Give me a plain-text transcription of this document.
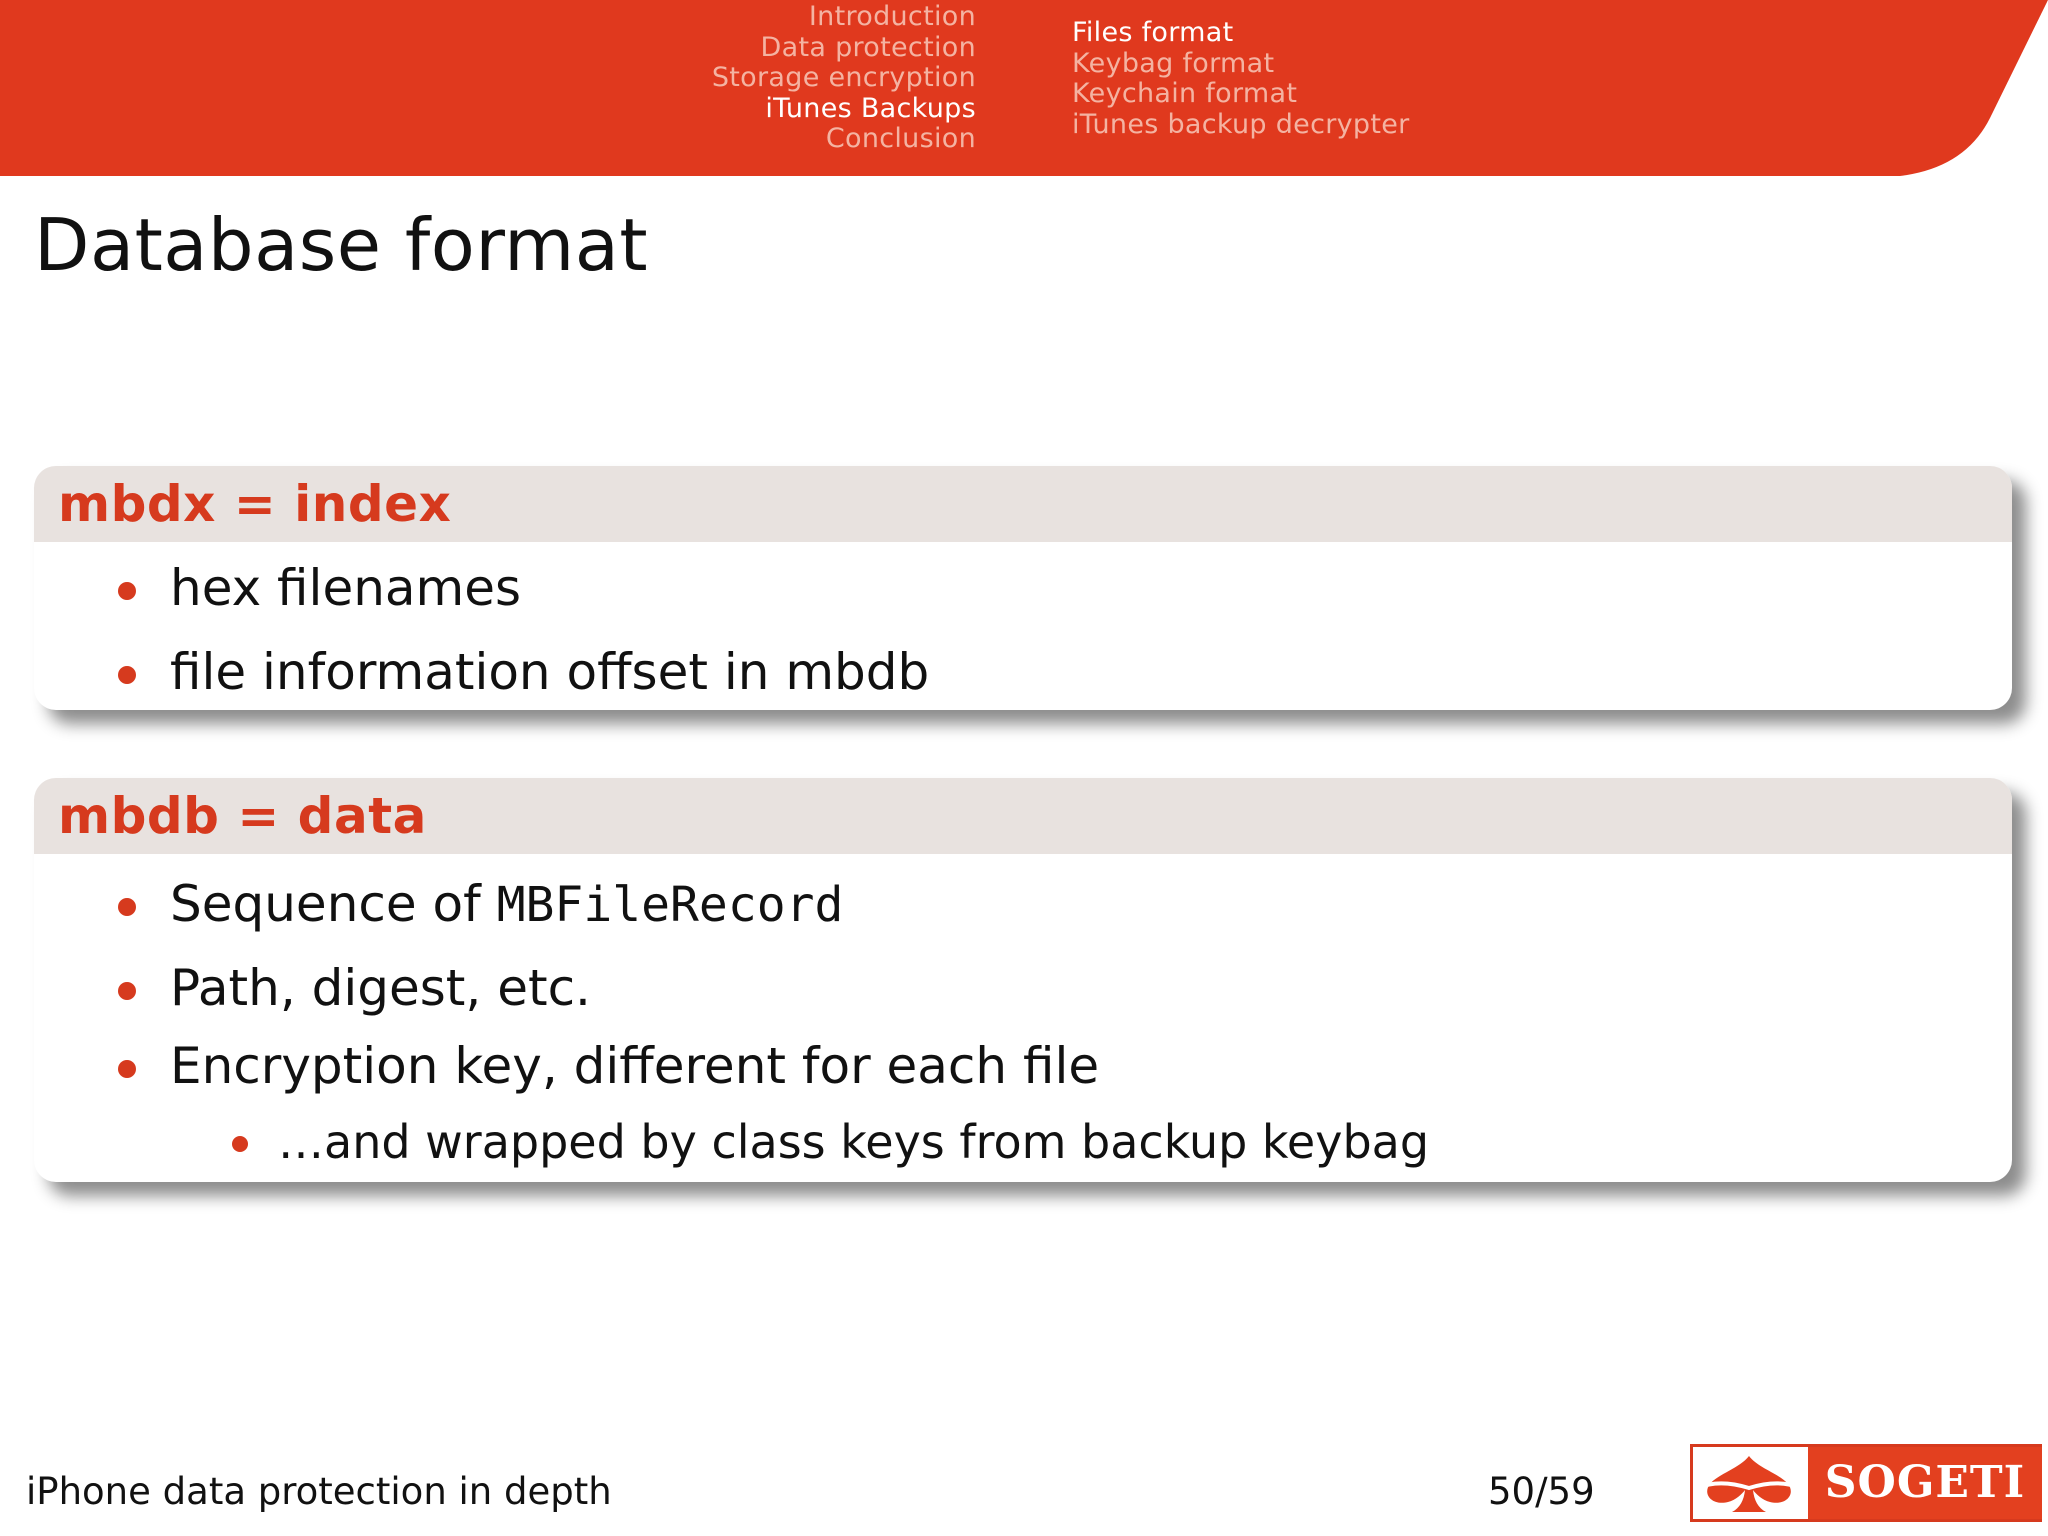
Introduction
Data protection
Storage encryption
iTunes Backups
Conclusion
Files format
Keybag format
Keychain format
iTunes backup decrypter
Database format
mbdx = index
hex filenames
file information offset in mbdb
mbdb = data
Sequence of MBFileRecord
Path, digest, etc.
Encryption key, different for each file
…and wrapped by class keys from backup keybag
iPhone data protection in depth	50/59	SOGETI
